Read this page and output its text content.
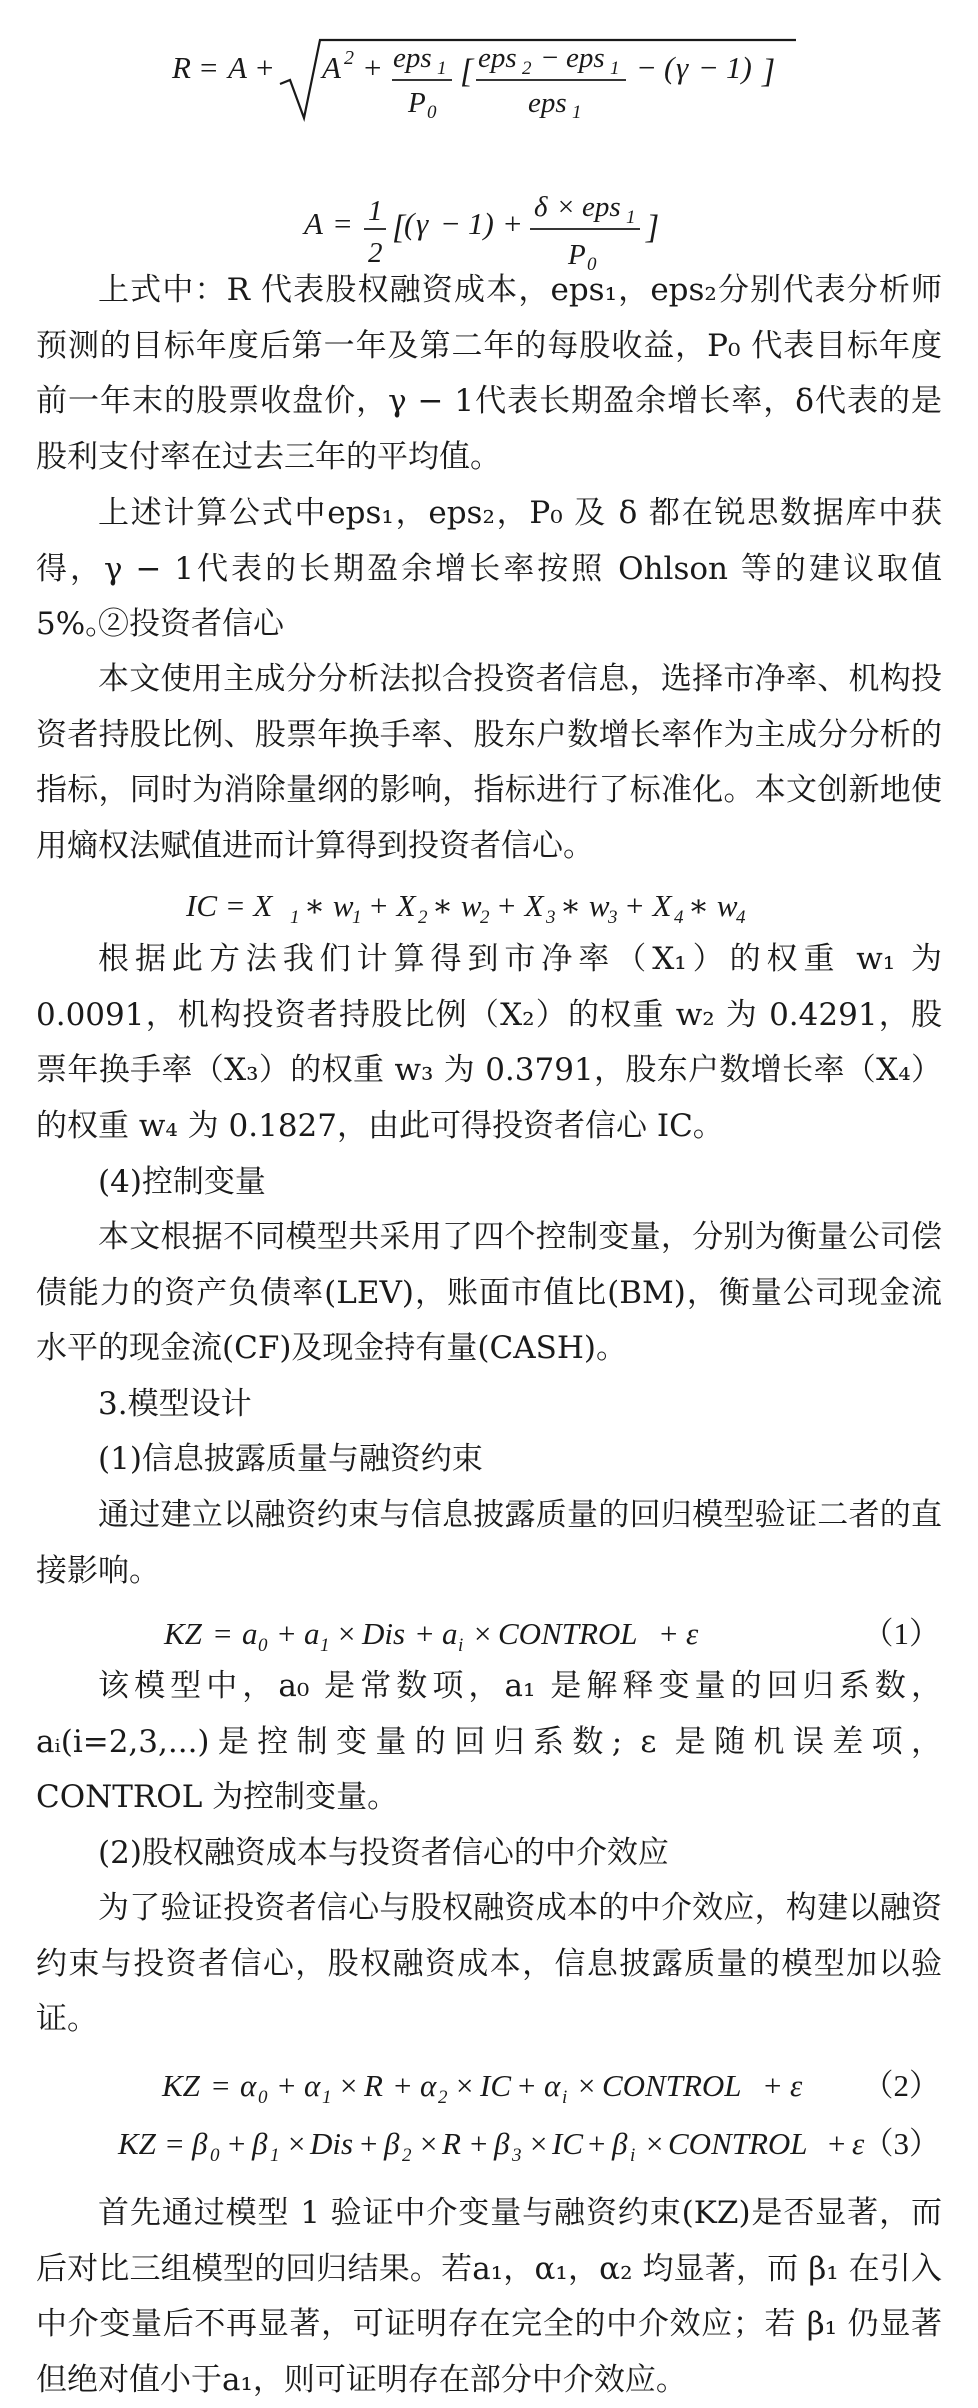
R = A + A 2 + eps 1
P 0
[ eps 2 − eps 1
eps 1
− ( γ − 1) ]
A = 1
2
[
( γ − 1) + δ × eps 1
P 0
]
上式中：R 代表股权融资成本，eps₁，eps₂分别代表分析师预测的目标年度后第一年及第二年的每股收益，P₀ 代表目标年度前一年末的股票收盘价，γ − 1代表长期盈余增长率，δ代表的是股利支付率在过去三年的平均值。
上述计算公式中eps₁，eps₂，P₀ 及 δ 都在锐思数据库中获得，γ − 1代表的长期盈余增长率按照 Ohlson 等的建议取值 5%。
②投资者信心
本文使用主成分分析法拟合投资者信息，选择市净率、机构投资者持股比例、股票年换手率、股东户数增长率作为主成分分析的指标，同时为消除量纲的影响，指标进行了标准化。本文创新地使用熵权法赋值进而计算得到投资者信心。
IC = X 1 ∗ w
1 + X 2 ∗ w
2 + X 3 ∗ w
3 + X 4 ∗ w
4
根据此方法我们计算得到市净率（X₁）的权重 w₁ 为 0.0091，机构投资者持股比例（X₂）的权重 w₂ 为 0.4291，股票年换手率（X₃）的权重 w₃ 为 0.3791，股东户数增长率（X₄）的权重 w₄ 为 0.1827，由此可得投资者信心 IC。
(4)控制变量
本文根据不同模型共采用了四个控制变量，分别为衡量公司偿债能力的资产负债率(LEV)，账面市值比(BM)，衡量公司现金流水平的现金流(CF)及现金持有量(CASH)。
3.模型设计
(1)信息披露质量与融资约束
通过建立以融资约束与信息披露质量的回归模型验证二者的直接影响。
KZ = a 0 + a 1 × Dis + a i × CONTROL + ε	（1）
该模型中，a₀ 是常数项，a₁ 是解释变量的回归系数，aᵢ(i=2,3,...)是控制变量的回归系数; ε 是随机误差项，CONTROL 为控制变量。
(2)股权融资成本与投资者信心的中介效应
为了验证投资者信心与股权融资成本的中介效应，构建以融资约束与投资者信心，股权融资成本，信息披露质量的模型加以验证。
KZ = α 0 + α 1 × R + α 2 × IC + α i × CONTROL + ε （2）
KZ = β 0 + β 1 × Dis + β 2 × R + β 3 × IC + β i × CONTROL + ε
（3）
首先通过模型 1 验证中介变量与融资约束(KZ)是否显著，而后对比三组模型的回归结果。若a₁，α₁，α₂ 均显著，而 β₁ 在引入中介变量后不再显著，可证明存在完全的中介效应；若 β₁ 仍显著但绝对值小于a₁，则可证明存在部分中介效应。
